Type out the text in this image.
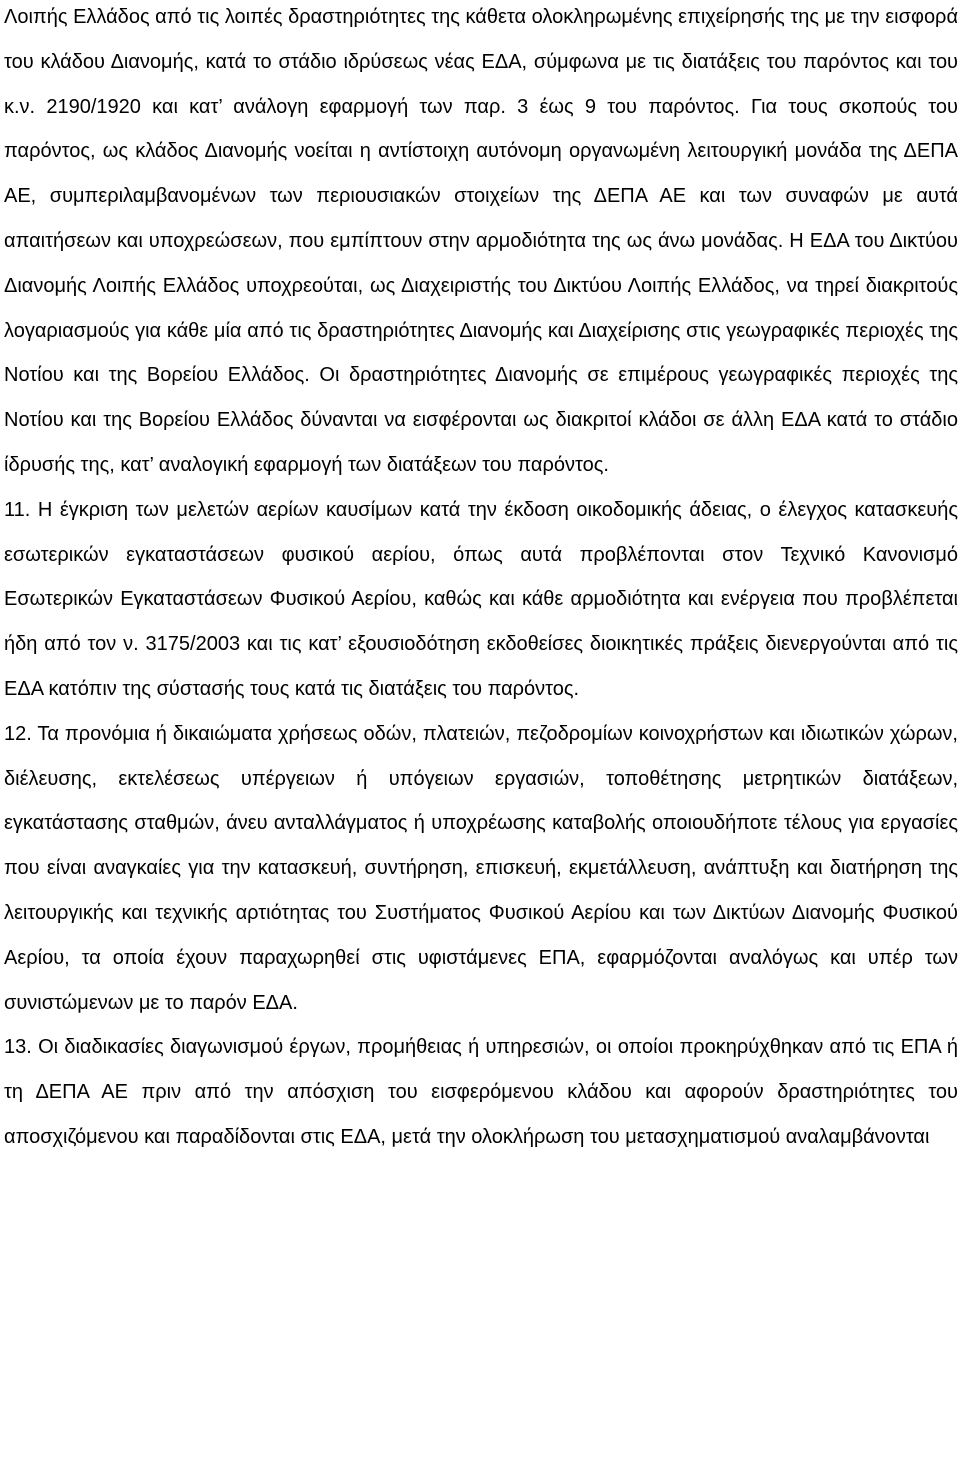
Λοιπής Ελλάδος από τις λοιπές δραστηριότητες της κάθετα ολοκληρωμένης επιχείρησής της με την εισφορά του κλάδου Διανομής, κατά το στάδιο ιδρύσεως νέας ΕΔΑ, σύμφωνα με τις διατάξεις του παρόντος και του κ.ν. 2190/1920 και κατ’ ανάλογη εφαρμογή των παρ. 3 έως 9 του παρόντος. Για τους σκοπούς του παρόντος, ως κλάδος Διανομής νοείται η αντίστοιχη αυτόνομη οργανωμένη λειτουργική μονάδα της ΔΕΠΑ ΑΕ, συμπεριλαμβανομένων των περιουσιακών στοιχείων της ΔΕΠΑ ΑΕ και των συναφών με αυτά απαιτήσεων και υποχρεώσεων, που εμπίπτουν στην αρμοδιότητα της ως άνω μονάδας. Η ΕΔΑ του Δικτύου Διανομής Λοιπής Ελλάδος υποχρεούται, ως Διαχειριστής του Δικτύου Λοιπής Ελλάδος, να τηρεί διακριτούς λογαριασμούς για κάθε μία από τις δραστηριότητες Διανομής και Διαχείρισης στις γεωγραφικές περιοχές της Νοτίου και της Βορείου Ελλάδος. Οι δραστηριότητες Διανομής σε επιμέρους γεωγραφικές περιοχές της Νοτίου και της Βορείου Ελλάδος δύνανται να εισφέρονται ως διακριτοί κλάδοι σε άλλη ΕΔΑ κατά το στάδιο ίδρυσής της, κατ’ αναλογική εφαρμογή των διατάξεων του παρόντος.

11. Η έγκριση των μελετών αερίων καυσίμων κατά την έκδοση οικοδομικής άδειας, ο έλεγχος κατασκευής εσωτερικών εγκαταστάσεων φυσικού αερίου, όπως αυτά προβλέπονται στον Τεχνικό Κανονισμό Εσωτερικών Εγκαταστάσεων Φυσικού Αερίου, καθώς και κάθε αρμοδιότητα και ενέργεια που προβλέπεται ήδη από τον ν. 3175/2003 και τις κατ’ εξουσιοδότηση εκδοθείσες διοικητικές πράξεις διενεργούνται από τις ΕΔΑ κατόπιν της σύστασής τους κατά τις διατάξεις του παρόντος.

12. Τα προνόμια ή δικαιώματα χρήσεως οδών, πλατειών, πεζοδρομίων κοινοχρήστων και ιδιωτικών χώρων, διέλευσης, εκτελέσεως υπέργειων ή υπόγειων εργασιών, τοποθέτησης μετρητικών διατάξεων, εγκατάστασης σταθμών, άνευ ανταλλάγματος ή υποχρέωσης καταβολής οποιουδήποτε τέλους για εργασίες που είναι αναγκαίες για την κατασκευή, συντήρηση, επισκευή, εκμετάλλευση, ανάπτυξη και διατήρηση της λειτουργικής και τεχνικής αρτιότητας του Συστήματος Φυσικού Αερίου και των Δικτύων Διανομής Φυσικού Αερίου, τα οποία έχουν παραχωρηθεί στις υφιστάμενες ΕΠΑ, εφαρμόζονται αναλόγως και υπέρ των συνιστώμενων με το παρόν ΕΔΑ.

13. Οι διαδικασίες διαγωνισμού έργων, προμήθειας ή υπηρεσιών, οι οποίοι προκηρύχθηκαν από τις ΕΠΑ ή τη ΔΕΠΑ ΑΕ πριν από την απόσχιση του εισφερόμενου κλάδου και αφορούν δραστηριότητες του αποσχιζόμενου και παραδίδονται στις ΕΔΑ, μετά την ολοκλήρωση του μετασχηματισμού αναλαμβάνονται
